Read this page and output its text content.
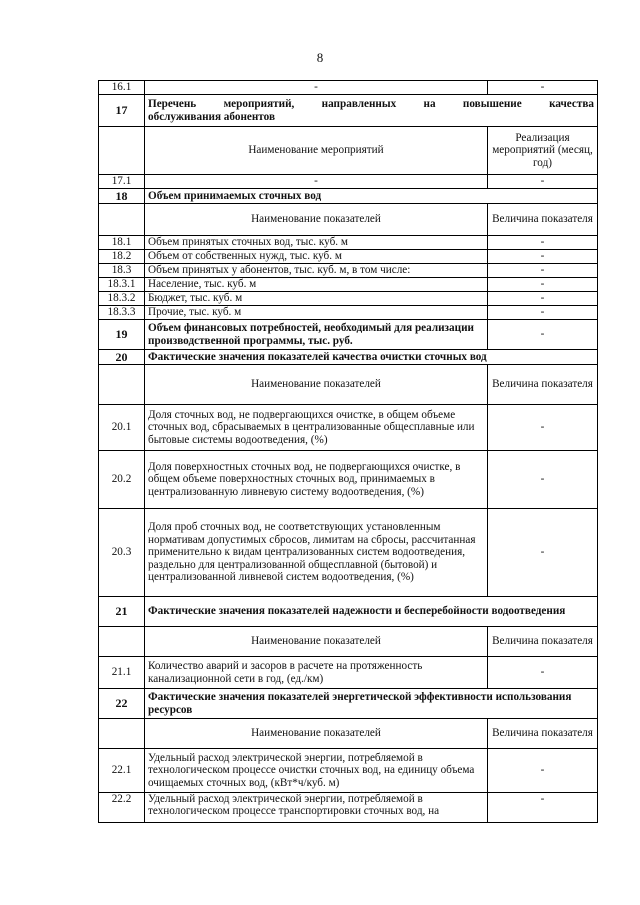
8
16.1	-	-
17	Перечень мероприятий, направленных на повышение качества
обслуживания абонентов	

	Наименование мероприятий	Реализация мероприятий (месяц, год)
17.1	-	-
18	Объем принимаемых сточных вод	
	Наименование показателей	Величина показателя
18.1	Объем принятых сточных вод, тыс. куб. м	-
18.2	Объем от собственных нужд, тыс. куб. м	-
18.3	Объем принятых у абонентов, тыс. куб. м, в том числе:	-
18.3.1	Население, тыс. куб. м	-
18.3.2	Бюджет, тыс. куб. м	-
18.3.3	Прочие, тыс. куб. м	-
19	Объем финансовых потребностей, необходимый для реализации производственной программы, тыс. руб.	-
20	Фактические значения показателей качества очистки сточных вод	
	Наименование показателей	Величина показателя
20.1	Доля сточных вод, не подвергающихся очистке, в общем объеме сточных вод, сбрасываемых в централизованные общесплавные или бытовые системы водоотведения, (%)	-
20.2	Доля поверхностных сточных вод, не подвергающихся очистке, в общем объеме поверхностных сточных вод, принимаемых в централизованную ливневую систему водоотведения, (%)	-
20.3	Доля проб сточных вод, не соответствующих установленным нормативам допустимых сбросов, лимитам на сбросы, рассчитанная применительно к видам централизованных систем водоотведения, раздельно для централизованной общесплавной (бытовой) и централизованной ливневой систем водоотведения, (%)	-
21	Фактические значения показателей надежности и бесперебойности водоотведения	
	Наименование показателей	Величина показателя
21.1	Количество аварий и засоров в расчете на протяженность канализационной сети в год, (ед./км)	-
22	Фактические значения показателей энергетической эффективности использования ресурсов	
	Наименование показателей	Величина показателя
22.1	Удельный расход электрической энергии, потребляемой в технологическом процессе очистки сточных вод, на единицу объема очищаемых сточных вод, (кВт*ч/куб. м)	-
22.2	Удельный расход электрической энергии, потребляемой в технологическом процессе транспортировки сточных вод, на	-
